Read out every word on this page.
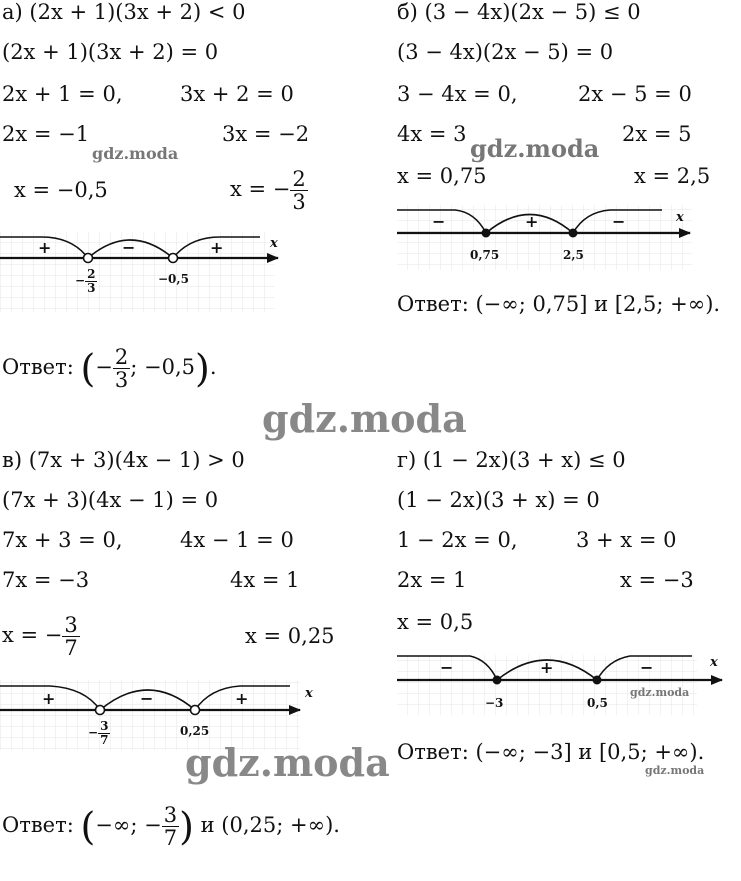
а) (2x + 1)(3x + 2) < 0
(2x + 1)(3x + 2) = 0
2x + 1 = 0,	3x + 2 = 0
2x = −1	3x = −2
x = −0,5	x = − $\frac{2}{3}$
б) (3 − 4x)(2x − 5) ≤ 0
(3 − 4x)(2x − 5) = 0
3 − 4x = 0,	2x − 5 = 0
4x = 3	2x = 5
x = 0,75	x = 2,5
Ответ: (−∞; 0,75] и [2,5; +∞).
Ответ: (− $\frac{2}{3}$ ; −0,5).
в) (7x + 3)(4x − 1) > 0
(7x + 3)(4x − 1) = 0
7x + 3 = 0,	4x − 1 = 0
7x = −3	4x = 1
x = − $\frac{3}{7}$	x = 0,25
Ответ: (−∞; − $\frac{3}{7}$ ) и (0,25; +∞).
г) (1 − 2x)(3 + x) ≤ 0
(1 − 2x)(3 + x) = 0
1 − 2x = 0,	3 + x = 0
2x = 1	x = −3
x = 0,5
Ответ: (−∞; −3] и [0,5; +∞).
+	−	+	x
− $\frac{2}{3}$	−0,5
−	+	−	x
0,75	2,5
+	−	+	x
− $\frac{3}{7}$	0,25
−	+	−	x
−3	0,5
gdz.moda	gdz.moda
gdz.moda
gdz.moda
gdz.moda	gdz.moda
